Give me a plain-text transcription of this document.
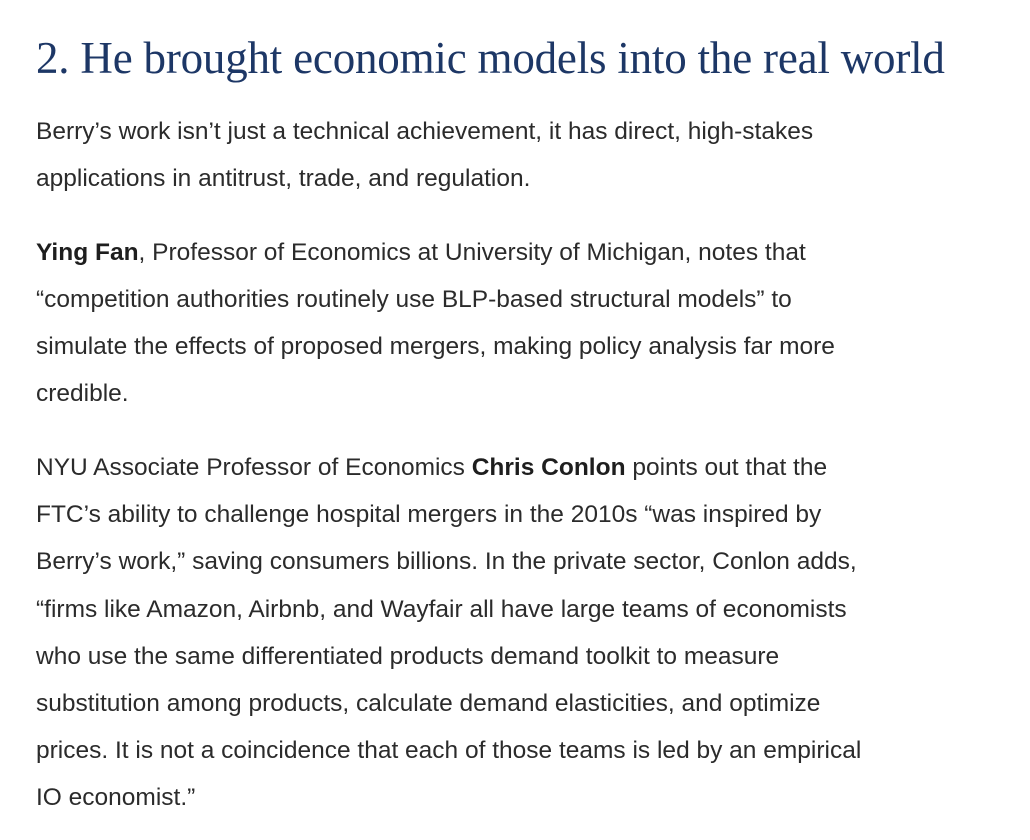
2. He brought economic models into the real world

Berry’s work isn’t just a technical achievement, it has direct, high-stakes
applications in antitrust, trade, and regulation.

Ying Fan, Professor of Economics at University of Michigan, notes that
“competition authorities routinely use BLP-based structural models” to
simulate the effects of proposed mergers, making policy analysis far more
credible.

NYU Associate Professor of Economics Chris Conlon points out that the
FTC’s ability to challenge hospital mergers in the 2010s “was inspired by
Berry’s work,” saving consumers billions. In the private sector, Conlon adds,
“firms like Amazon, Airbnb, and Wayfair all have large teams of economists
who use the same differentiated products demand toolkit to measure
substitution among products, calculate demand elasticities, and optimize
prices. It is not a coincidence that each of those teams is led by an empirical
IO economist.”
